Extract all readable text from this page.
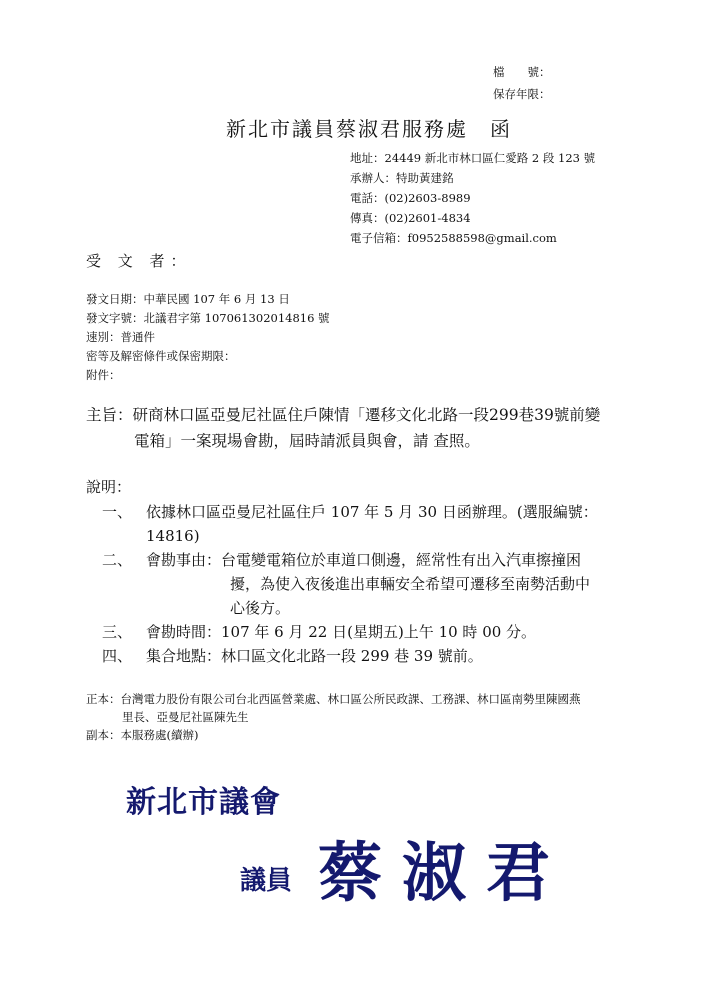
檔　　號：
保存年限：
新北市議員蔡淑君服務處　函
地址：24449 新北市林口區仁愛路 2 段 123 號
承辦人：特助黃建銘
電話：(02)2603-8989
傳真：(02)2601-4834
電子信箱：f0952588598@gmail.com
受 文 者：
發文日期：中華民國 107 年 6 月 13 日
發文字號：北議君字第 107061302014816 號
速別：普通件
密等及解密條件或保密期限：
附件：
主旨：研商林口區亞曼尼社區住戶陳情「遷移文化北路一段299巷39號前變
電箱」一案現場會勘，屆時請派員與會，請 查照。
說明：
一、 依據林口區亞曼尼社區住戶 107 年 5 月 30 日函辦理。(選服編號：
14816)
二、 會勘事由：台電變電箱位於車道口側邊，經常性有出入汽車擦撞困
擾，為使入夜後進出車輛安全希望可遷移至南勢活動中
心後方。
三、 會勘時間：107 年 6 月 22 日(星期五)上午 10 時 00 分。
四、 集合地點：林口區文化北路一段 299 巷 39 號前。
正本：台灣電力股份有限公司台北西區營業處、林口區公所民政課、工務課、林口區南勢里陳國燕
里長、亞曼尼社區陳先生
副本：本服務處(續辦)
新北市議會
議員 蔡淑君
